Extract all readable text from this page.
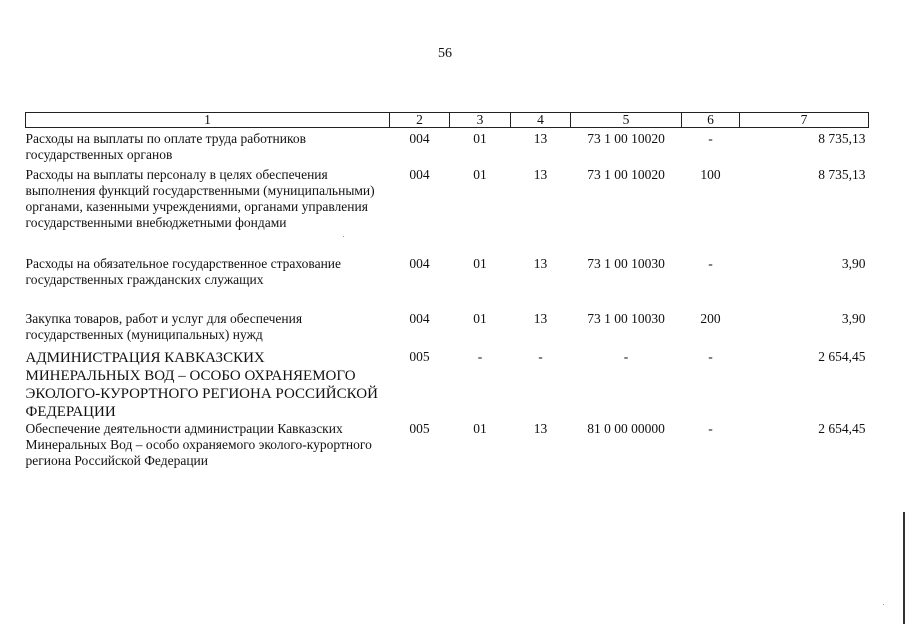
56
1	2	3	4	5	6	7
Расходы на выплаты по оплате труда работников государственных органов	004	01	13	73 1 00 10020	-	8 735,13
Расходы на выплаты персоналу в целях обеспечения выполнения функций государственными (муниципальными) органами, казенными учреждениями, органами управления государственными внебюджетными фондами	004	01	13	73 1 00 10020	100	8 735,13
Расходы на обязательное государственное страхование государственных гражданских служащих	004	01	13	73 1 00 10030	-	3,90
Закупка товаров, работ и услуг для обеспечения государственных (муниципальных) нужд	004	01	13	73 1 00 10030	200	3,90
АДМИНИСТРАЦИЯ КАВКАЗСКИХ МИНЕРАЛЬНЫХ ВОД – ОСОБО ОХРАНЯЕМОГО ЭКОЛОГО-КУРОРТНОГО РЕГИОНА РОССИЙСКОЙ ФЕДЕРАЦИИ	005	-	-	-	-	2 654,45
Обеспечение деятельности администрации Кавказских Минеральных Вод – особо охраняемого эколого-курортного региона Российской Федерации	005	01	13	81 0 00 00000	-	2 654,45
